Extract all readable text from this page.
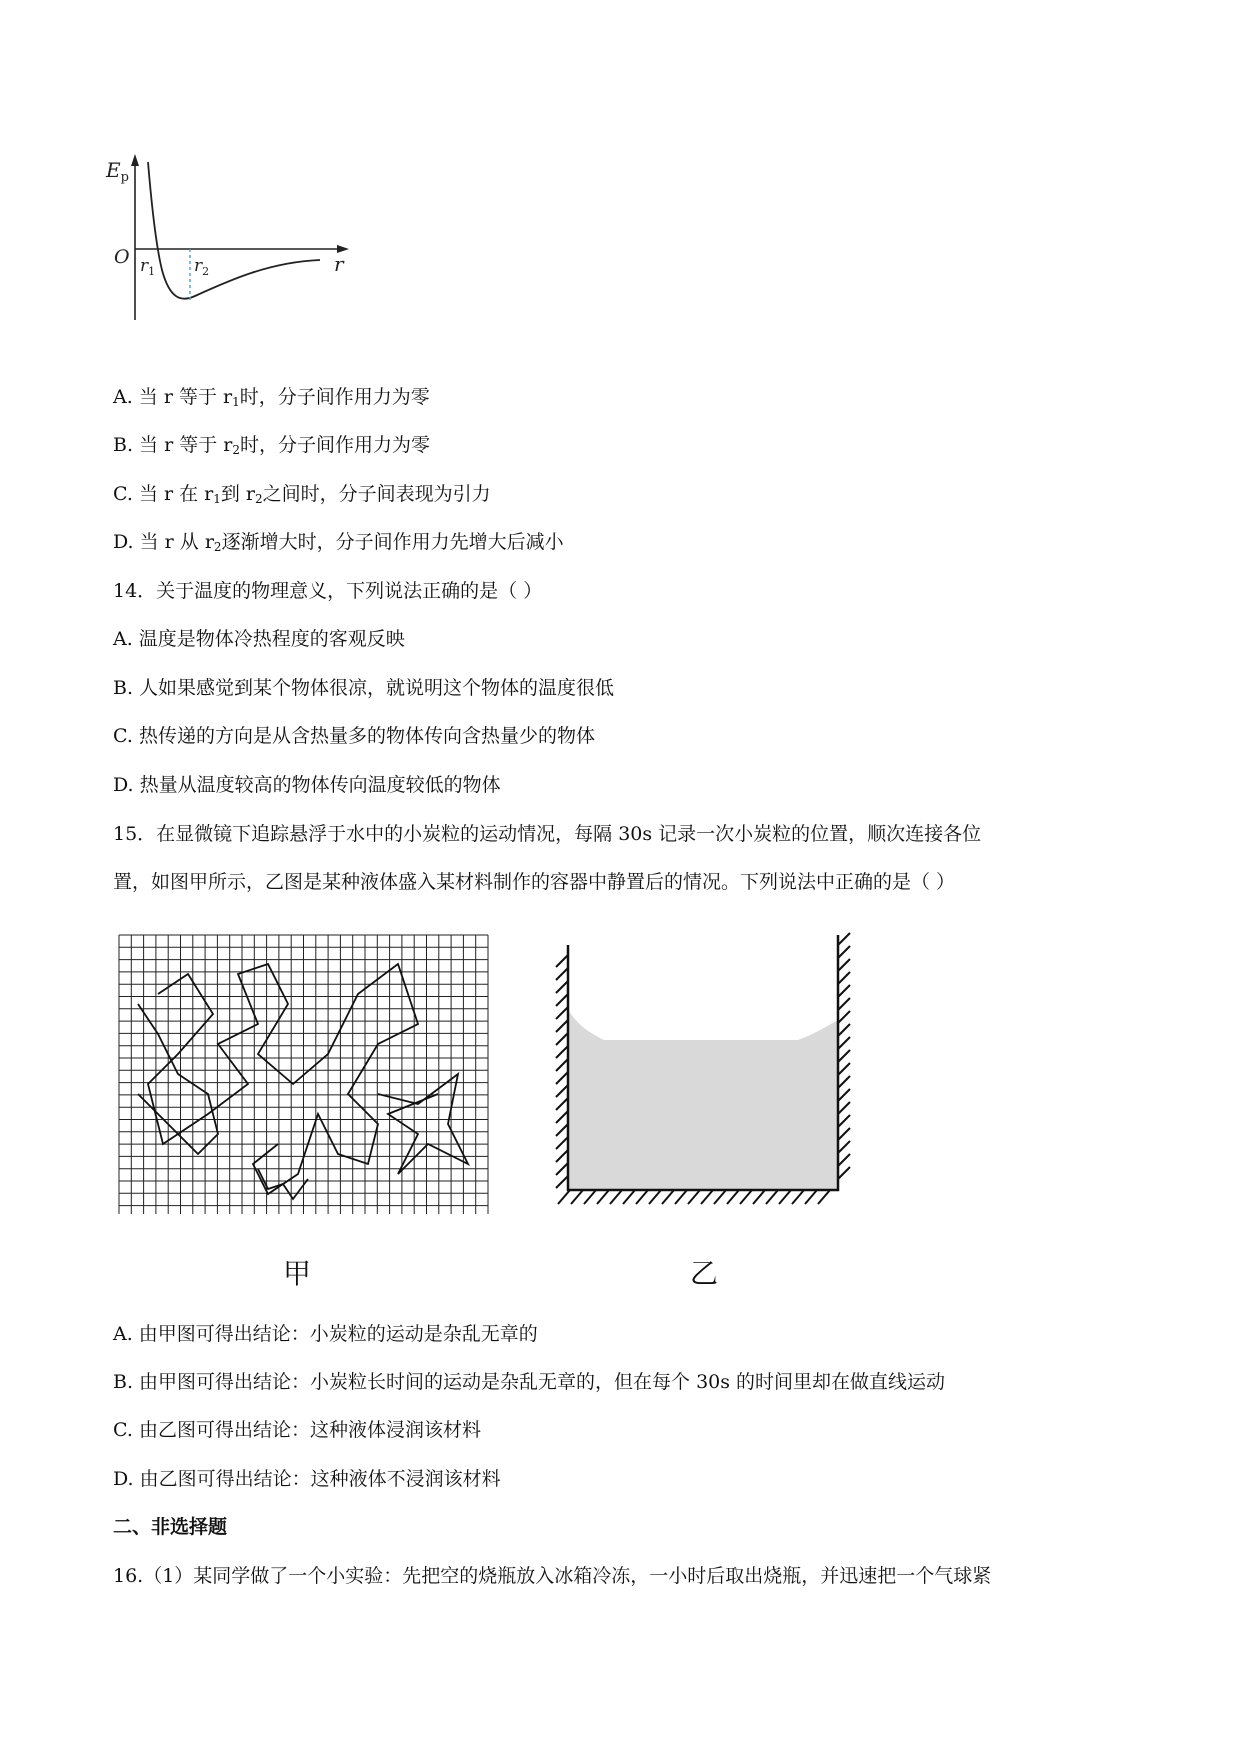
$E_p$
O $r_1$ $r_2$	r
A. 当 r 等于 $r_1$时，分子间作用力为零
B. 当 r 等于 $r_2$时，分子间作用力为零
C. 当 r 在 $r_1$到 $r_2$之间时，分子间表现为引力
D. 当 r 从 $r_2$逐渐增大时，分子间作用力先增大后减小
14．关于温度的物理意义，下列说法正确的是（ ）
A. 温度是物体冷热程度的客观反映
B. 人如果感觉到某个物体很凉，就说明这个物体的温度很低
C. 热传递的方向是从含热量多的物体传向含热量少的物体
D. 热量从温度较高的物体传向温度较低的物体
15．在显微镜下追踪悬浮于水中的小炭粒的运动情况，每隔 30s 记录一次小炭粒的位置，顺次连接各位
置，如图甲所示，乙图是某种液体盛入某材料制作的容器中静置后的情况。下列说法中正确的是（ ）
甲	乙
A. 由甲图可得出结论：小炭粒的运动是杂乱无章的
B. 由甲图可得出结论：小炭粒长时间的运动是杂乱无章的，但在每个 30s 的时间里却在做直线运动
C. 由乙图可得出结论：这种液体浸润该材料
D. 由乙图可得出结论：这种液体不浸润该材料
二、非选择题
16.（1）某同学做了一个小实验：先把空的烧瓶放入冰箱冷冻，一小时后取出烧瓶，并迅速把一个气球紧
